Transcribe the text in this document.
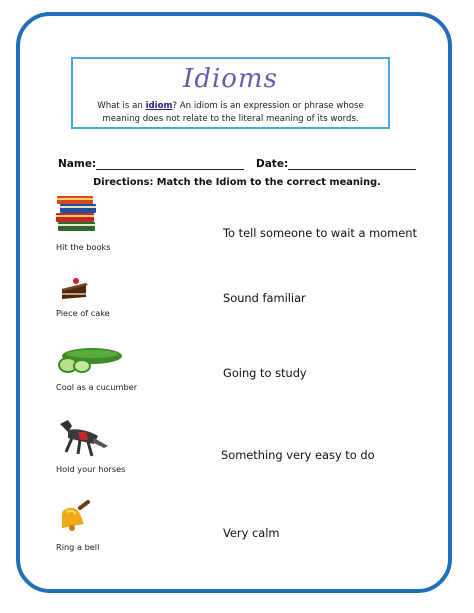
Idioms
What is an idiom? An idiom is an expression or phrase whose meaning does not relate to the literal meaning of its words.
Name:	Date:
Directions: Match the Idiom to the correct meaning.
Hit the books
Piece of cake
Cool as a cucumber
Hold your horses
Ring a bell
To tell someone to wait a moment
Sound familiar
Going to study
Something very easy to do
Very calm
